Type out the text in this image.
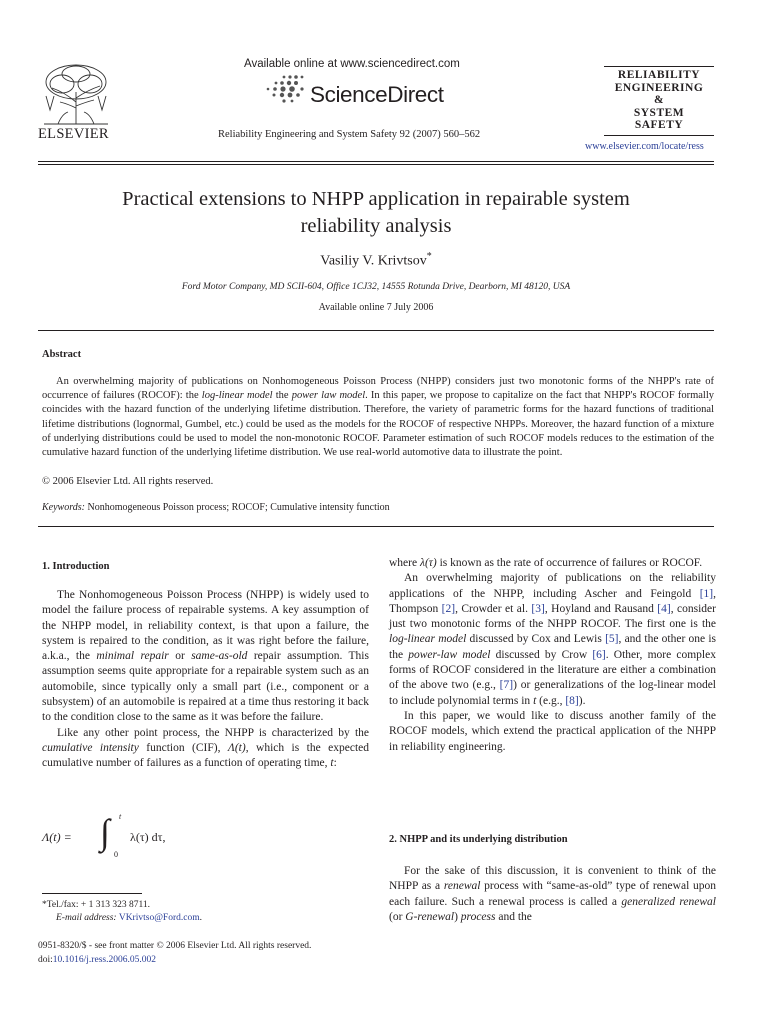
ELSEVIER
Available online at www.sciencedirect.com
ScienceDirect
Reliability Engineering and System Safety 92 (2007) 560–562
RELIABILITY
ENGINEERING
&
SYSTEM
SAFETY
www.elsevier.com/locate/ress
Practical extensions to NHPP application in repairable system
reliability analysis
Vasiliy V. Krivtsov*
Ford Motor Company, MD SCII-604, Office 1CJ32, 14555 Rotunda Drive, Dearborn, MI 48120, USA
Available online 7 July 2006
Abstract
An overwhelming majority of publications on Nonhomogeneous Poisson Process (NHPP) considers just two monotonic forms of the NHPP's rate of occurrence of failures (ROCOF): the log-linear model the power law model. In this paper, we propose to capitalize on the fact that NHPP's ROCOF formally coincides with the hazard function of the underlying lifetime distribution. Therefore, the variety of parametric forms for the hazard functions of traditional lifetime distributions (lognormal, Gumbel, etc.) could be used as the models for the ROCOF of respective NHPPs. Moreover, the hazard function of a mixture of underlying distributions could be used to model the non-monotonic ROCOF. Parameter estimation of such ROCOF models reduces to the estimation of the cumulative hazard function of the underlying lifetime distribution. We use real-world automotive data to illustrate the point.
© 2006 Elsevier Ltd. All rights reserved.
Keywords: Nonhomogeneous Poisson process; ROCOF; Cumulative intensity function
1. Introduction

The Nonhomogeneous Poisson Process (NHPP) is widely used to model the failure process of repairable systems. A key assumption of the NHPP model, in reliability context, is that upon a failure, the system is repaired to the condition, as it was right before the failure, a.k.a., the minimal repair or same-as-old repair assumption. This assumption seems quite appropriate for a repairable system such as an automobile, since typically only a small part (i.e., component or a subsystem) of an automobile is repaired at a time thus restoring it back to the condition close to the same as it was before the failure.

Like any other point process, the NHPP is characterized by the cumulative intensity function (CIF), Λ(t), which is the expected cumulative number of failures as a function of operating time, t:

Λ(t) = ∫ t
0
λ(τ) dτ,
*Tel./fax: + 1 313 323 8711.
E-mail address: VKrivtso@Ford.com.
0951-8320/$ - see front matter © 2006 Elsevier Ltd. All rights reserved.
doi:10.1016/j.ress.2006.05.002

where λ(τ) is known as the rate of occurrence of failures or ROCOF.

An overwhelming majority of publications on the reliability applications of the NHPP, including Ascher and Feingold [1], Thompson [2], Crowder et al. [3], Hoyland and Rausand [4], consider just two monotonic forms of the NHPP ROCOF. The first one is the log-linear model discussed by Cox and Lewis [5], and the other one is the power-law model discussed by Crow [6]. Other, more complex forms of ROCOF considered in the literature are either a combination of the above two (e.g., [7]) or generalizations of the log-linear model to include polynomial terms in t (e.g., [8]).

In this paper, we would like to discuss another family of the ROCOF models, which extend the practical application of the NHPP in reliability engineering.

2. NHPP and its underlying distribution

For the sake of this discussion, it is convenient to think of the NHPP as a renewal process with “same-as-old” type of renewal upon each failure. Such a renewal process is called a generalized renewal (or G-renewal) process and the
